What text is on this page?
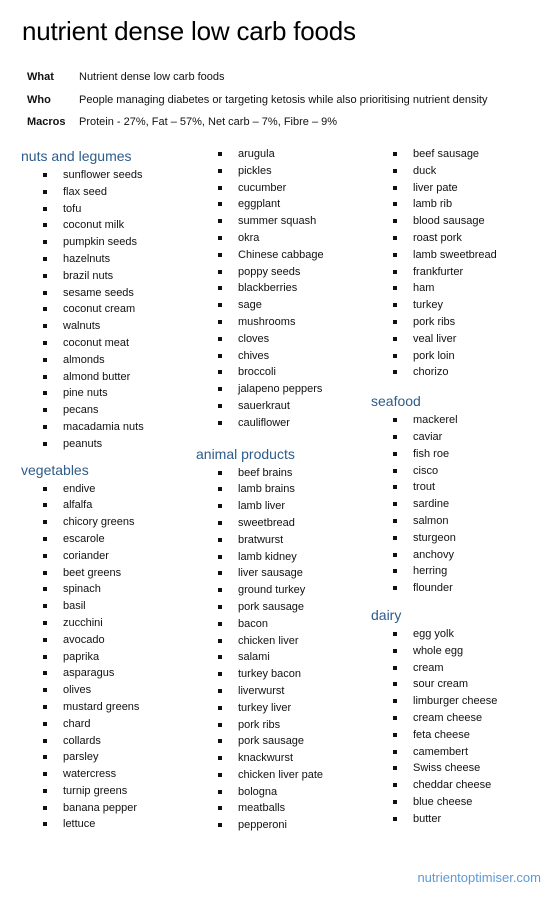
nutrient dense low carb foods
What	Nutrient dense low carb foods
Who	People managing diabetes or targeting ketosis while also prioritising nutrient density
Macros	Protein - 27%, Fat – 57%, Net carb – 7%, Fibre – 9%
nuts and legumes
sunflower seeds
flax seed
tofu
coconut milk
pumpkin seeds
hazelnuts
brazil nuts
sesame seeds
coconut cream
walnuts
coconut meat
almonds
almond butter
pine nuts
pecans
macadamia nuts
peanuts
vegetables
endive
alfalfa
chicory greens
escarole
coriander
beet greens
spinach
basil
zucchini
avocado
paprika
asparagus
olives
mustard greens
chard
collards
parsley
watercress
turnip greens
banana pepper
lettuce
arugula
pickles
cucumber
eggplant
summer squash
okra
Chinese cabbage
poppy seeds
blackberries
sage
mushrooms
cloves
chives
broccoli
jalapeno peppers
sauerkraut
cauliflower
animal products
beef brains
lamb brains
lamb liver
sweetbread
bratwurst
lamb kidney
liver sausage
ground turkey
pork sausage
bacon
chicken liver
salami
turkey bacon
liverwurst
turkey liver
pork ribs
pork sausage
knackwurst
chicken liver pate
bologna
meatballs
pepperoni
beef sausage
duck
liver pate
lamb rib
blood sausage
roast pork
lamb sweetbread
frankfurter
ham
turkey
pork ribs
veal liver
pork loin
chorizo
seafood
mackerel
caviar
fish roe
cisco
trout
sardine
salmon
sturgeon
anchovy
herring
flounder
dairy
egg yolk
whole egg
cream
sour cream
limburger cheese
cream cheese
feta cheese
camembert
Swiss cheese
cheddar cheese
blue cheese
butter
nutrientoptimiser.com
